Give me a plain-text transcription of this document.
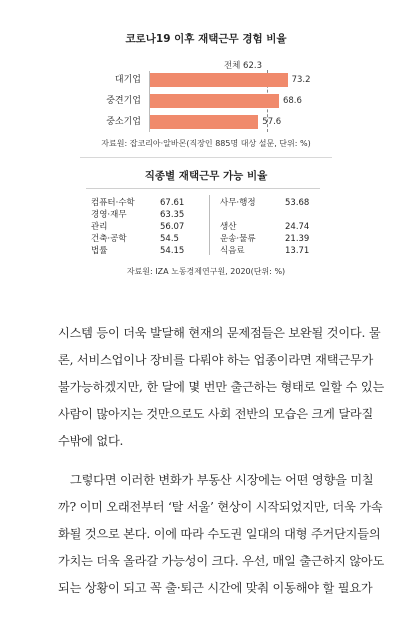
코로나19 이후 재택근무 경험 비율
전체 62.3
대기업	73.2
중견기업	68.6
중소기업	57.6
자료원: 잡코리아·알바몬(직장인 885명 대상 설문, 단위: %)
직종별 재택근무 가능 비율
컴퓨터·수학	67.61
경영·재무	63.35
관리	56.07
건축·공학	54.5
법률	54.15
사무·행정	53.68
생산	24.74
운송·물류	21.39
식음료	13.71
자료원: IZA 노동경제연구원, 2020(단위: %)
시스템 등이 더욱 발달해 현재의 문제점들은 보완될 것이다. 물
론, 서비스업이나 장비를 다뤄야 하는 업종이라면 재택근무가
불가능하겠지만, 한 달에 몇 번만 출근하는 형태로 일할 수 있는
사람이 많아지는 것만으로도 사회 전반의 모습은 크게 달라질
수밖에 없다.
그렇다면 이러한 변화가 부동산 시장에는 어떤 영향을 미칠
까? 이미 오래전부터 ‘탈 서울’ 현상이 시작되었지만, 더욱 가속
화될 것으로 본다. 이에 따라 수도권 일대의 대형 주거단지들의
가치는 더욱 올라갈 가능성이 크다. 우선, 매일 출근하지 않아도
되는 상황이 되고 꼭 출·퇴근 시간에 맞춰 이동해야 할 필요가
